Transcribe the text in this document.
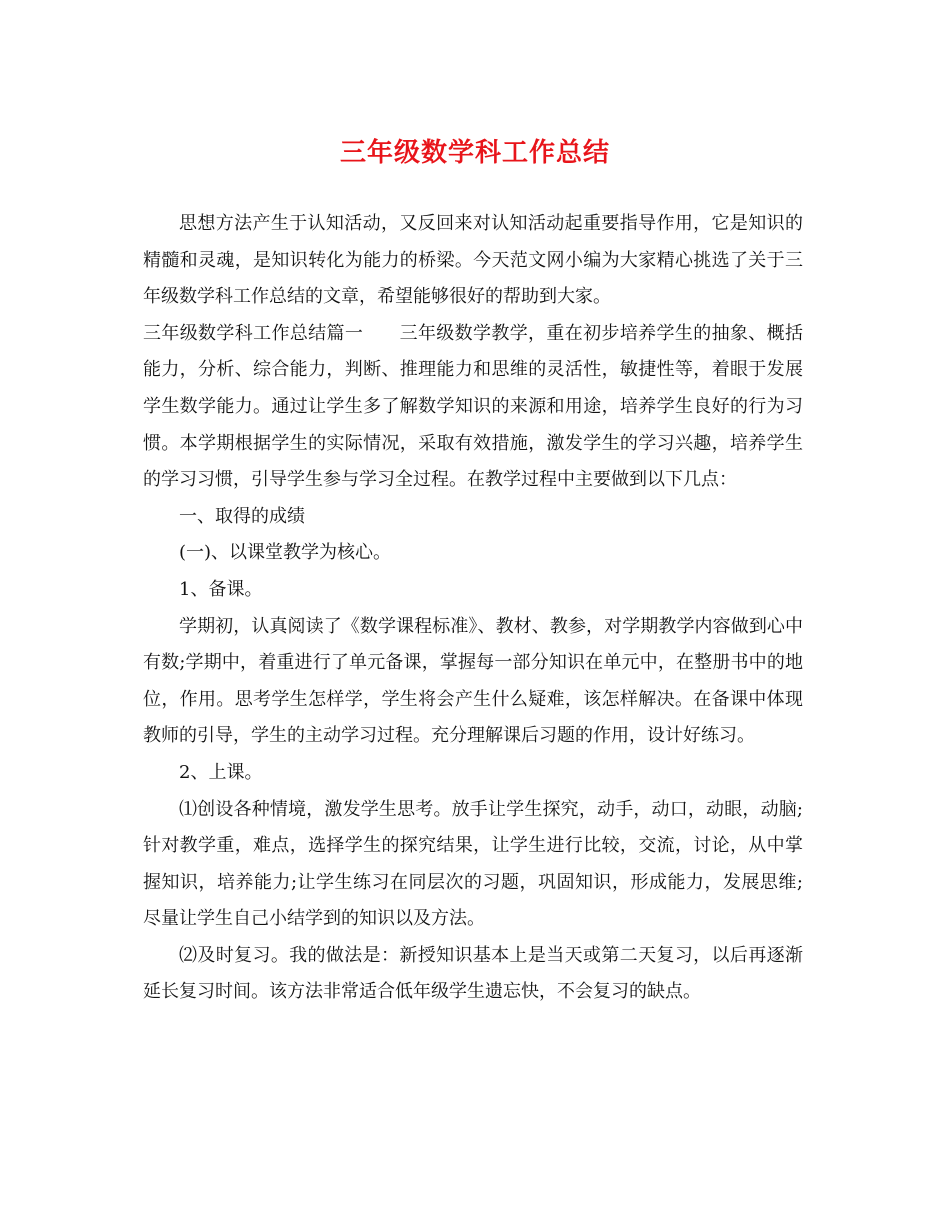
三年级数学科工作总结

思想方法产生于认知活动，又反回来对认知活动起重要指导作用，它是知识的精髓和灵魂，是知识转化为能力的桥梁。今天范文网小编为大家精心挑选了关于三年级数学科工作总结的文章，希望能够很好的帮助到大家。

三年级数学科工作总结篇一 三年级数学教学，重在初步培养学生的抽象、概括能力，分析、综合能力，判断、推理能力和思维的灵活性，敏捷性等，着眼于发展学生数学能力。通过让学生多了解数学知识的来源和用途，培养学生良好的行为习惯。本学期根据学生的实际情况，采取有效措施，激发学生的学习兴趣，培养学生的学习习惯，引导学生参与学习全过程。在教学过程中主要做到以下几点：

一、取得的成绩

(一)、以课堂教学为核心。

1、备课。

学期初，认真阅读了《数学课程标准》、教材、教参，对学期教学内容做到心中有数;学期中，着重进行了单元备课，掌握每一部分知识在单元中，在整册书中的地位，作用。思考学生怎样学，学生将会产生什么疑难，该怎样解决。在备课中体现教师的引导，学生的主动学习过程。充分理解课后习题的作用，设计好练习。

2、上课。

⑴创设各种情境，激发学生思考。放手让学生探究，动手，动口，动眼，动脑;针对教学重，难点，选择学生的探究结果，让学生进行比较，交流，讨论，从中掌握知识，培养能力;让学生练习在同层次的习题，巩固知识，形成能力，发展思维;尽量让学生自己小结学到的知识以及方法。

⑵及时复习。我的做法是：新授知识基本上是当天或第二天复习，以后再逐渐延长复习时间。该方法非常适合低年级学生遗忘快，不会复习的缺点。
